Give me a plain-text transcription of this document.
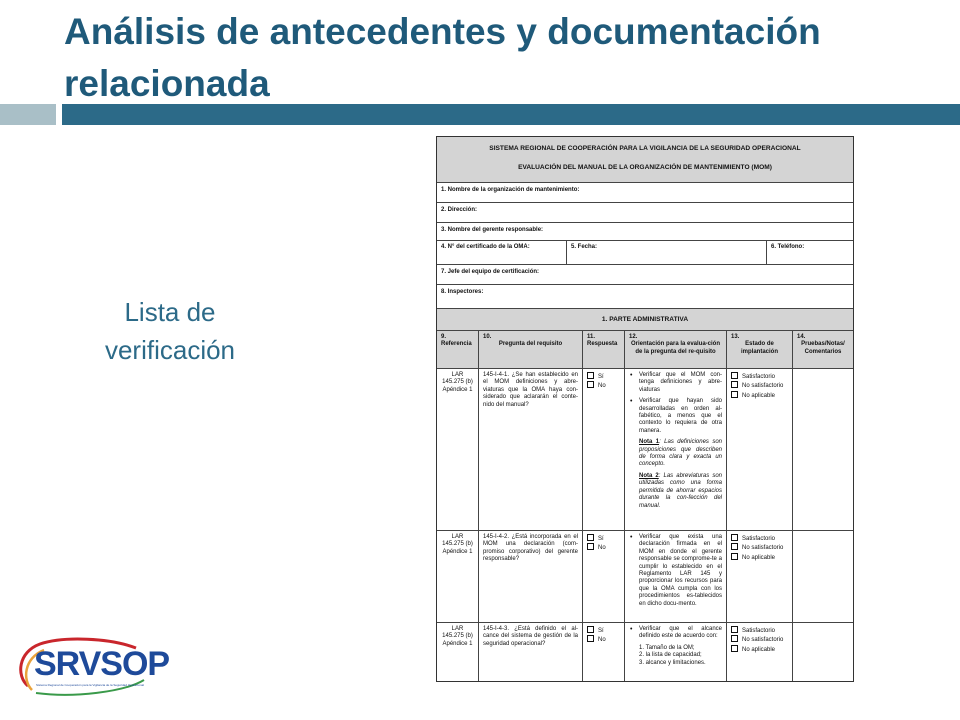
Análisis de antecedentes y documentación relacionada
Lista de verificación
SRVSOP
Sistema Regional de Cooperación para la Vigilancia de la Seguridad Operacional
SISTEMA REGIONAL DE COOPERACIÓN PARA LA VIGILANCIA DE LA SEGURIDAD OPERACIONAL
EVALUACIÓN DEL MANUAL DE LA ORGANIZACIÓN DE MANTENIMIENTO (MOM)
1. Nombre de la organización de mantenimiento:
2. Dirección:
3. Nombre del gerente responsable:
4. N° del certificado de la OMA:	5. Fecha:	6. Teléfono:
7. Jefe del equipo de certificación:
8. Inspectores:
1. PARTE ADMINISTRATIVA
9.
Referencia
10.
Pregunta del requisito
11.
Respuesta
12.
Orientación para la evalua-ción de la pregunta del re-quisito
13.
Estado de implantación
14.
Pruebas/Notas/ Comentarios
LAR
145.275 (b)
Apéndice 1
145-I-4-1. ¿Se han establecido en el MOM definiciones y abre-viaturas que la OMA haya con-siderado que aclararán el conte-nido del manual?
Sí
No
• Verificar que el MOM con-tenga definiciones y abre-viaturas
• Verificar que hayan sido desarrolladas en orden al-fabético, a menos que el contexto lo requiera de otra manera.
Nota 1: Las definiciones son proposiciones que describen de forma clara y exacta un concepto.
Nota 2: Las abreviaturas son utilizadas como una forma permitida de ahorrar espacios durante la con-fección del manual.
Satisfactorio
No satisfactorio
No aplicable
LAR
145.275 (b)
Apéndice 1
145-I-4-2. ¿Está incorporada en el MOM una declaración (com-promiso corporativo) del gerente responsable?
Sí
No
• Verificar que exista una declaración firmada en el MOM en donde el gerente responsable se comprome-te a cumplir lo establecido en el Reglamento LAR 145 y proporcionar los recursos para que la OMA cumpla con los procedimientos es-tablecidos en dicho docu-mento.
Satisfactorio
No satisfactorio
No aplicable
LAR
145.275 (b)
Apéndice 1
145-I-4-3. ¿Está definido el al-cance del sistema de gestión de la seguridad operacional?
Sí
No
• Verificar que el alcance definido este de acuerdo con:
1. Tamaño de la OM;
2. la lista de capacidad;
3. alcance y limitaciones.
Satisfactorio
No satisfactorio
No aplicable
